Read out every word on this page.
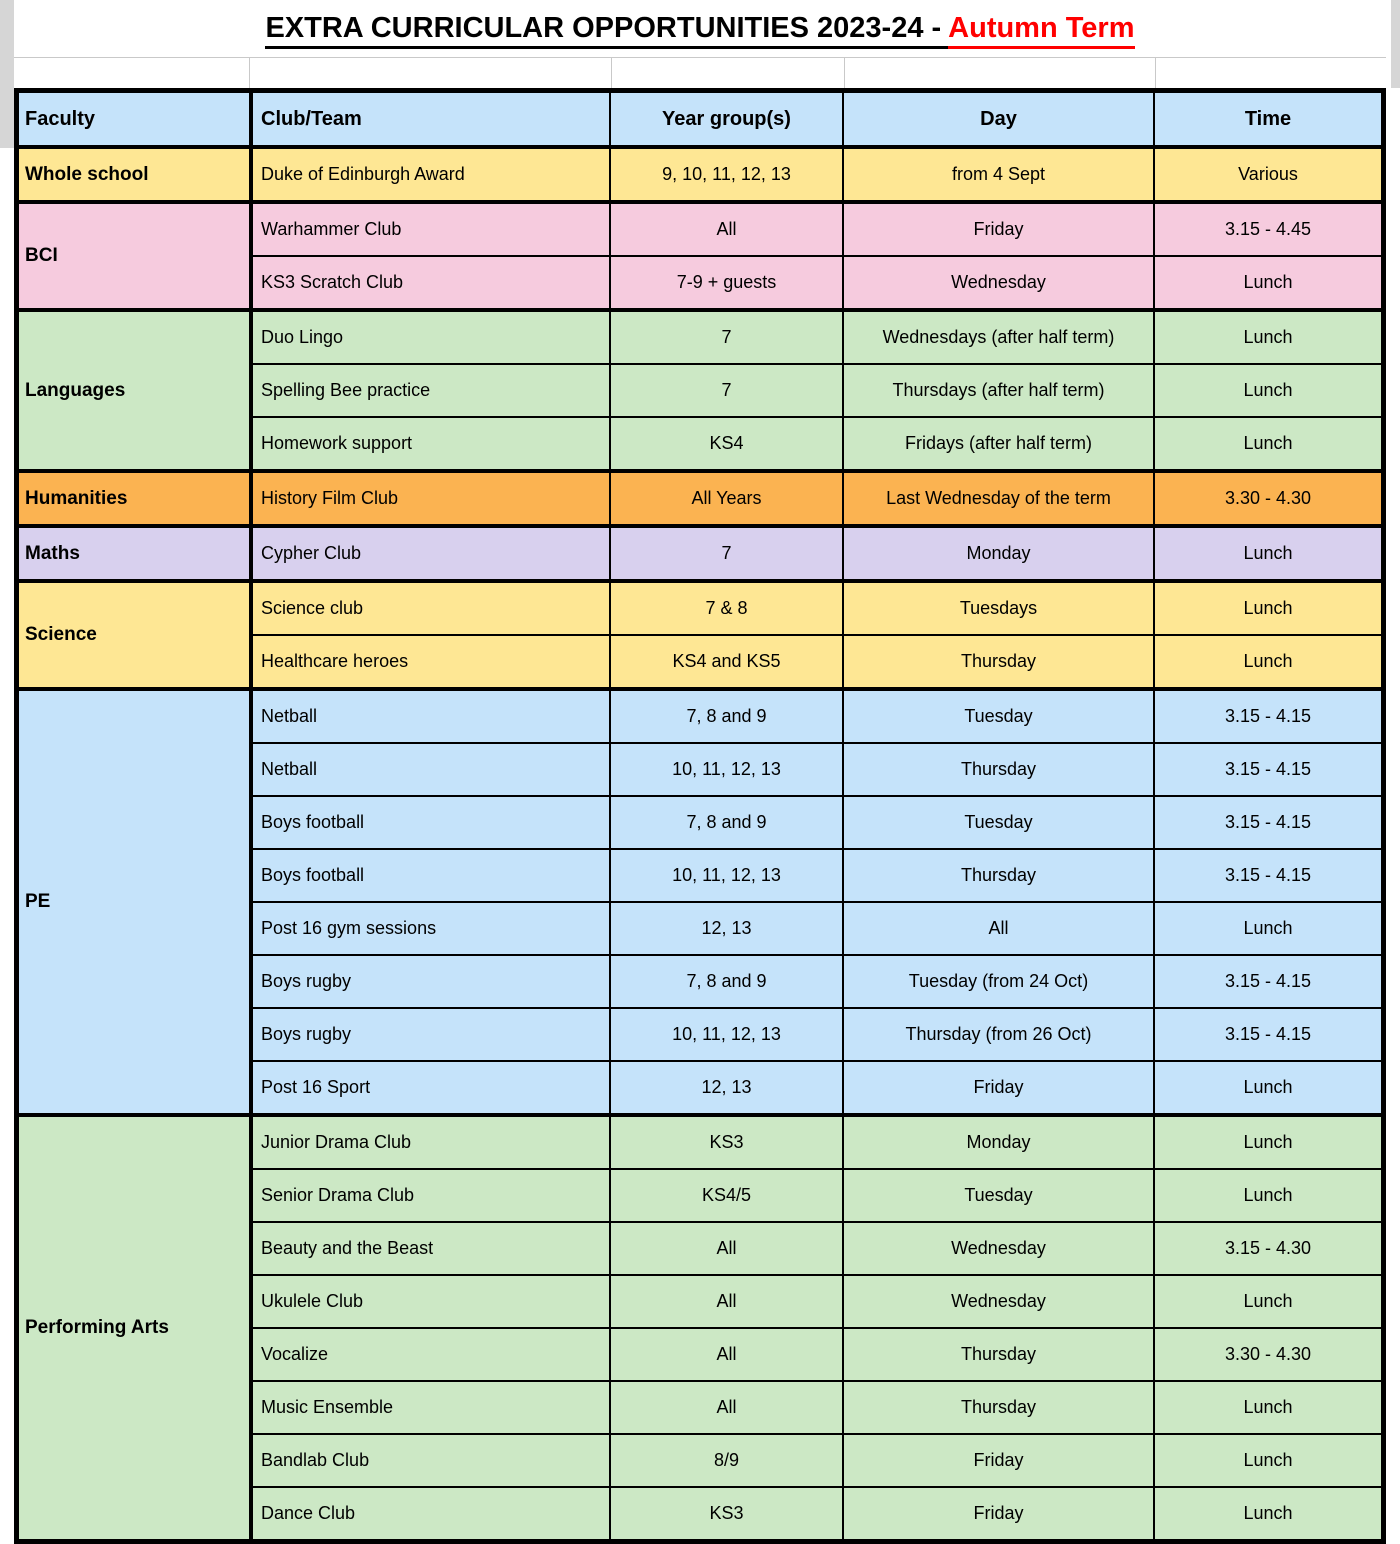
EXTRA CURRICULAR OPPORTUNITIES 2023-24 - Autumn Term
Faculty	Club/Team	Year group(s)	Day	Time
Whole school	Duke of Edinburgh Award	9, 10, 11, 12, 13	from 4 Sept	Various
BCI
Warhammer Club	All	Friday	3.15 - 4.45
KS3 Scratch Club	7-9 + guests	Wednesday	Lunch
Languages
Duo Lingo	7	Wednesdays (after half term)	Lunch
Spelling Bee practice	7	Thursdays (after half term)	Lunch
Homework support	KS4	Fridays (after half term)	Lunch
Humanities	History Film Club	All Years	Last Wednesday of the term	3.30 - 4.30
Maths	Cypher Club	7	Monday	Lunch
Science
Science club	7 & 8	Tuesdays	Lunch
Healthcare heroes	KS4 and KS5	Thursday	Lunch
PE
Netball	7, 8 and 9	Tuesday	3.15 - 4.15
Netball	10, 11, 12, 13	Thursday	3.15 - 4.15
Boys football	7, 8 and 9	Tuesday	3.15 - 4.15
Boys football	10, 11, 12, 13	Thursday	3.15 - 4.15
Post 16 gym sessions	12, 13	All	Lunch
Boys rugby	7, 8 and 9	Tuesday (from 24 Oct)	3.15 - 4.15
Boys rugby	10, 11, 12, 13	Thursday (from 26 Oct)	3.15 - 4.15
Post 16 Sport	12, 13	Friday	Lunch
Performing Arts
Junior Drama Club	KS3	Monday	Lunch
Senior Drama Club	KS4/5	Tuesday	Lunch
Beauty and the Beast	All	Wednesday	3.15 - 4.30
Ukulele Club	All	Wednesday	Lunch
Vocalize	All	Thursday	3.30 - 4.30
Music Ensemble	All	Thursday	Lunch
Bandlab Club	8/9	Friday	Lunch
Dance Club	KS3	Friday	Lunch
